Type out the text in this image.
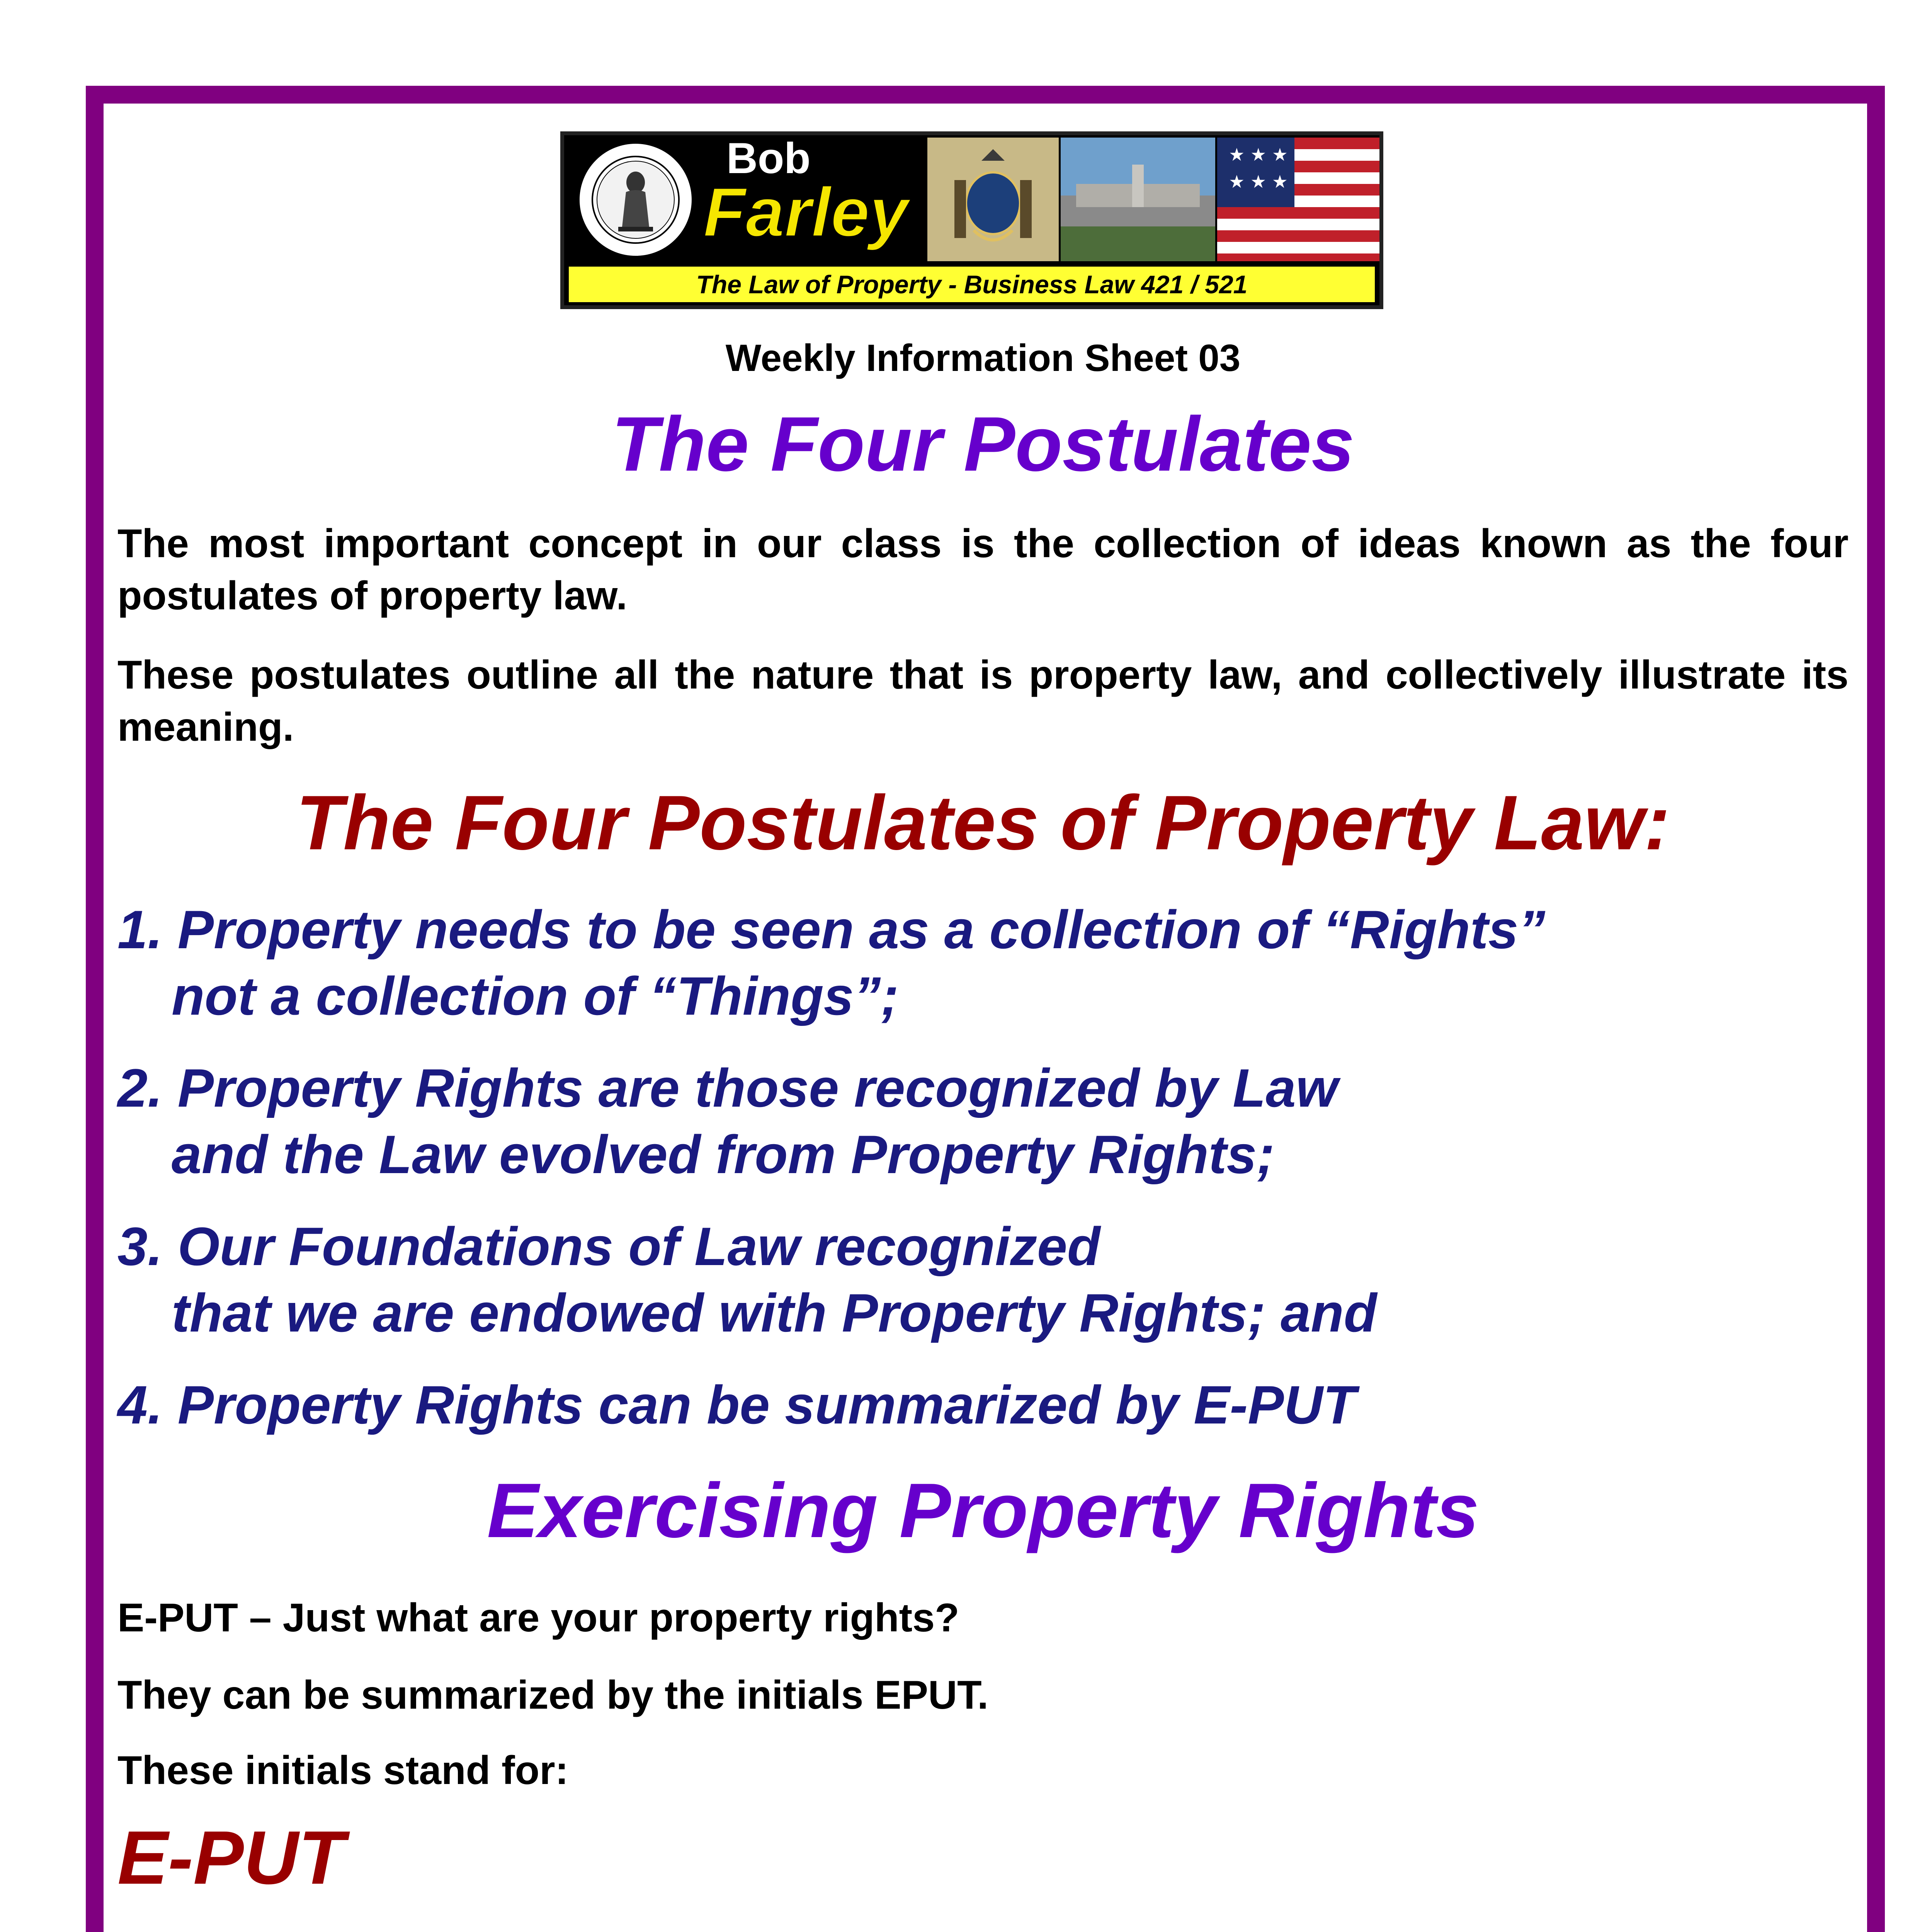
Bob
Farley
★ ★ ★
★ ★ ★
The Law of Property - Business Law 421 / 521

Weekly Information Sheet 03

The Four Postulates

The most important concept in our class is the collection of ideas known as the four postulates of property law.

These postulates outline all the nature that is property law, and collectively illustrate its meaning.

The Four Postulates of Property Law:
1. Property needs to be seen as a collection of “Rights”
not a collection of “Things”;
2. Property Rights are those recognized by Law
and the Law evolved from Property Rights;
3. Our Foundations of Law recognized
that we are endowed with Property Rights; and
4. Property Rights can be summarized by E-PUT
Exercising Property Rights

E-PUT – Just what are your property rights?

They can be summarized by the initials EPUT.

These initials stand for:

E-PUT
